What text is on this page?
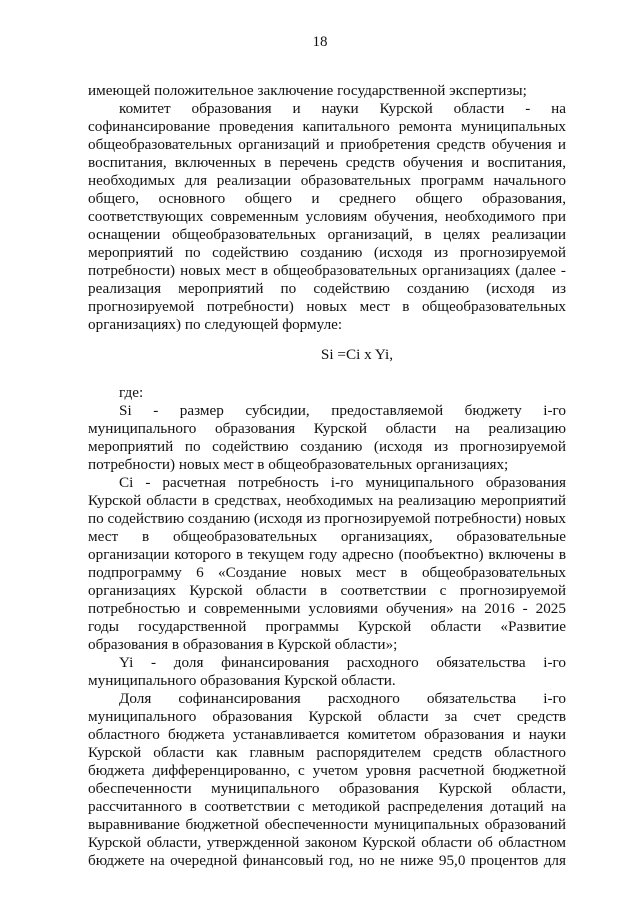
18

имеющей положительное заключение государственной экспертизы;

комитет образования и науки Курской области - на софинансирование проведения капитального ремонта муниципальных общеобразовательных организаций и приобретения средств обучения и воспитания, включенных в перечень средств обучения и воспитания, необходимых для реализации образовательных программ начального общего, основного общего и среднего общего образования, соответствующих современным условиям обучения, необходимого при оснащении общеобразовательных организаций, в целях реализации мероприятий по содействию созданию (исходя из прогнозируемой потребности) новых мест в общеобразовательных организациях (далее - реализация мероприятий по содействию созданию (исходя из прогнозируемой потребности) новых мест в общеобразовательных организациях) по следующей формуле:

Si =Ci x Yi,

где:

Si - размер субсидии, предоставляемой бюджету i-го муниципального образования Курской области на реализацию мероприятий по содействию созданию (исходя из прогнозируемой потребности) новых мест в общеобразовательных организациях;

Ci - расчетная потребность i-го муниципального образования Курской области в средствах, необходимых на реализацию мероприятий по содействию созданию (исходя из прогнозируемой потребности) новых мест в общеобразовательных организациях, образовательные организации которого в текущем году адресно (пообъектно) включены в подпрограмму 6 «Создание новых мест в общеобразовательных организациях Курской области в соответствии с прогнозируемой потребностью и современными условиями обучения» на 2016 - 2025 годы государственной программы Курской области «Развитие образования в образования в Курской области»;

Yi - доля финансирования расходного обязательства i-го муниципального образования Курской области.

Доля софинансирования расходного обязательства i-го муниципального образования Курской области за счет средств областного бюджета устанавливается комитетом образования и науки Курской области как главным распорядителем средств областного бюджета дифференцированно, с учетом уровня расчетной бюджетной обеспеченности муниципального образования Курской области, рассчитанного в соответствии с методикой распределения дотаций на выравнивание бюджетной обеспеченности муниципальных образований Курской области, утвержденной законом Курской области об областном бюджете на очередной финансовый год, но не ниже 95,0 процентов для
